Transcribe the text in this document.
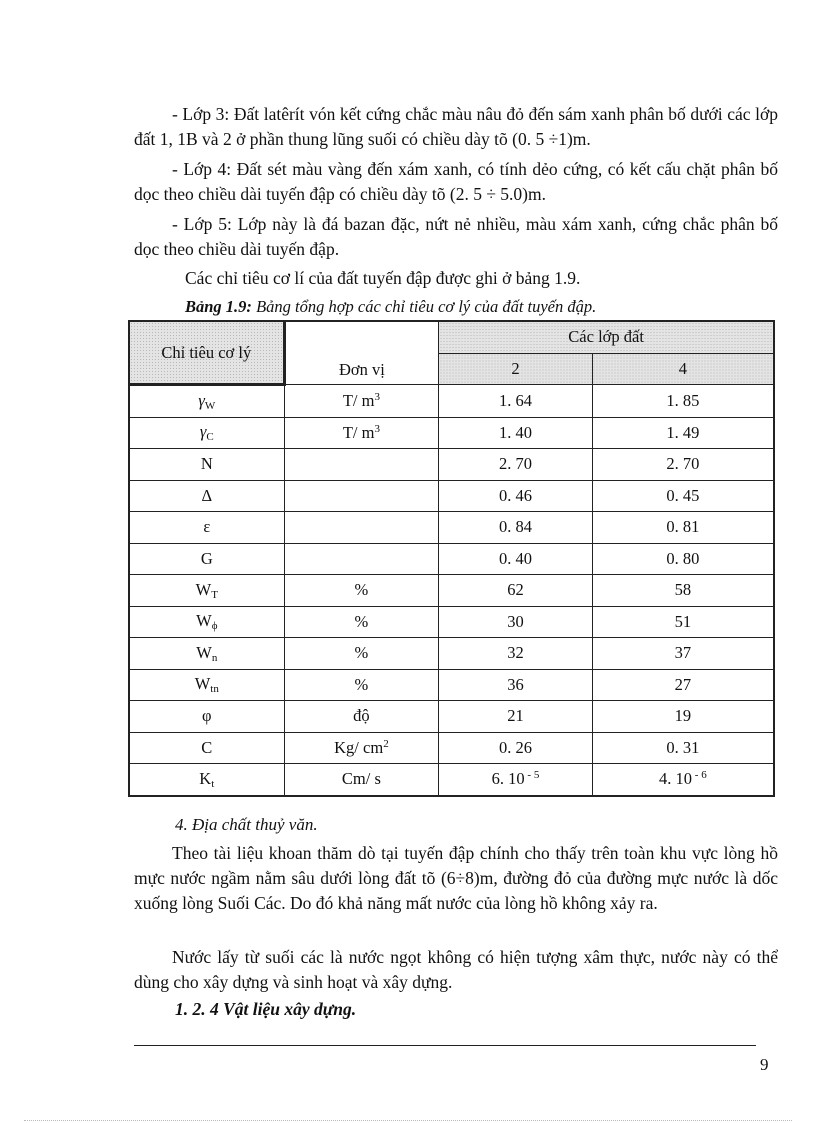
- Lớp 3: Đất latêrít vón kết cứng chắc màu nâu đỏ đến sám xanh phân bố dưới các lớp đất 1, 1B và 2 ở phần thung lũng suối có chiều dày tõ (0. 5 ÷1)m.

- Lớp 4: Đất sét màu vàng đến xám xanh, có tính dẻo cứng, có kết cấu chặt phân bố dọc theo chiều dài tuyến đập có chiều dày tõ (2. 5 ÷ 5.0)m.

- Lớp 5: Lớp này là đá bazan đặc, nứt nẻ nhiều, màu xám xanh, cứng chắc phân bố dọc theo chiều dài tuyến đập.

Các chỉ tiêu cơ lí của đất tuyến đập được ghi ở bảng 1.9.
Bảng 1.9: Bảng tổng hợp các chỉ tiêu cơ lý của đất tuyến đập.
Chỉ tiêu cơ lý	Đơn vị	Các lớp đất	
		2	4
$\gamma_W$	T/ $m^3$	1. 64	1. 85
$\gamma_C$	T/ $m^3$	1. 40	1. 49
N		2. 70	2. 70
Δ		0. 46	0. 45
ε		0. 84	0. 81
G		0. 40	0. 80
$W_T$	%	62	58
$W_\phi$	%	30	51
$W_n$	%	32	37
$W_{tn}$	%	36	27
φ	độ	21	19
C	Kg/ $cm^2$	0. 26	0. 31
$K_t$	Cm/ s	6. 10 $^{- 5}$	4. 10 $^{- 6}$
4. Địa chất thuỷ văn.

Theo tài liệu khoan thăm dò tại tuyến đập chính cho thấy trên toàn khu vực lòng hồ mực nước ngầm nằm sâu dưới lòng đất tõ (6÷8)m, đường đỏ của đường mực nước là dốc xuống lòng Suối Các. Do đó khả năng mất nước của lòng hồ không xảy ra.

Nước lấy từ suối các là nước ngọt không có hiện tượng xâm thực, nước này có thể dùng cho xây dựng và sinh hoạt và xây dựng.

1. 2. 4 Vật liệu xây dựng.
9
